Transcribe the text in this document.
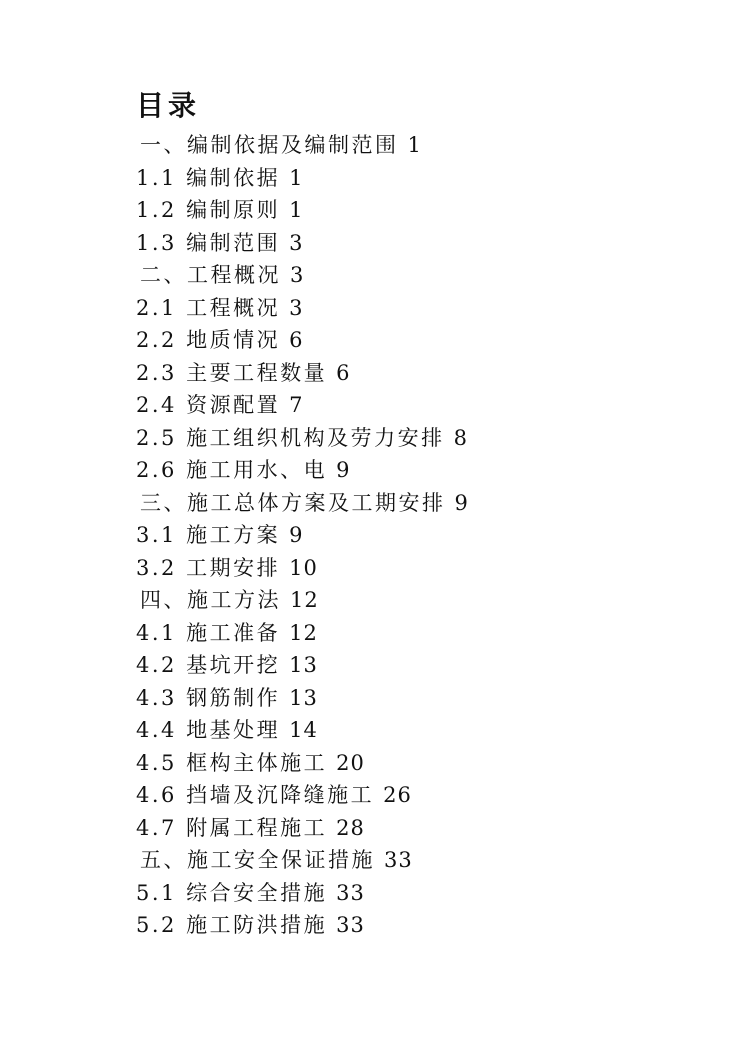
目录
一、编制依据及编制范围 1
1.1 编制依据 1
1.2 编制原则 1
1.3 编制范围 3
二、工程概况 3
2.1 工程概况 3
2.2 地质情况 6
2.3 主要工程数量 6
2.4 资源配置 7
2.5 施工组织机构及劳力安排 8
2.6 施工用水、电 9
三、施工总体方案及工期安排 9
3.1 施工方案 9
3.2 工期安排 10
四、施工方法 12
4.1 施工准备 12
4.2 基坑开挖 13
4.3 钢筋制作 13
4.4 地基处理 14
4.5 框构主体施工 20
4.6 挡墙及沉降缝施工 26
4.7 附属工程施工 28
五、施工安全保证措施 33
5.1 综合安全措施 33
5.2 施工防洪措施 33
